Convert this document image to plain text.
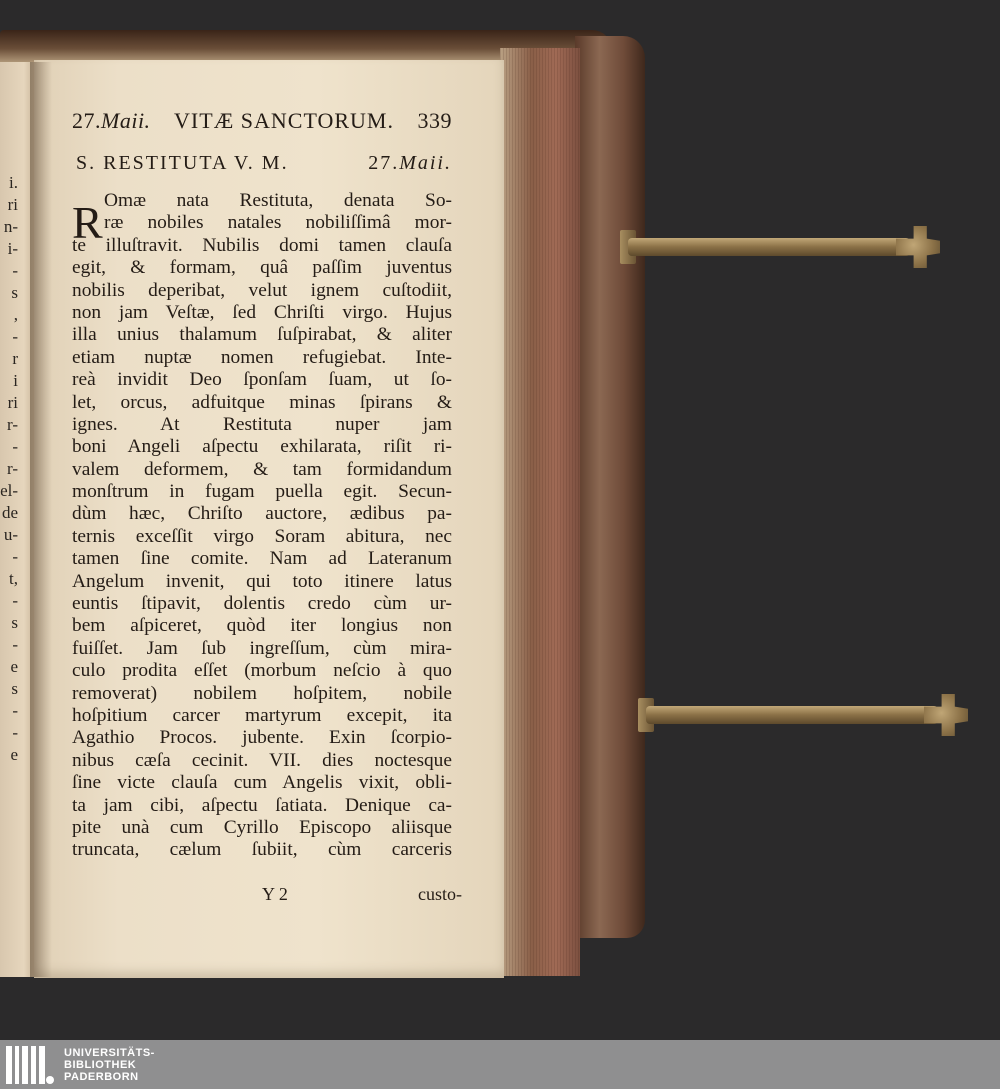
i.
ri
n-
i-
-
s
,
-
r
i
ri
r-
-
r-
el-
de
u-
-
t,
-
s
-
e
s
-
-
e
27.Maii. VITÆ SANCTORUM. 339
S. RESTITUTA V. M.	27.Maii.
R Omæ nata Restituta, denata So-
ræ nobiles natales nobiliſſimâ mor-
te illuſtravit. Nubilis domi tamen clauſa
egit, & formam, quâ paſſim juventus
nobilis deperibat, velut ignem cuſtodiit,
non jam Veſtæ, ſed Chriſti virgo. Hujus
illa unius thalamum ſuſpirabat, & aliter
etiam nuptæ nomen refugiebat. Inte-
reà invidit Deo ſponſam ſuam, ut ſo-
let, orcus, adfuitque minas ſpirans &
ignes. At Restituta nuper jam
boni Angeli aſpectu exhilarata, riſit ri-
valem deformem, & tam formidandum
monſtrum in fugam puella egit. Secun-
dùm hæc, Chriſto auctore, ædibus pa-
ternis exceſſit virgo Soram abitura, nec
tamen ſine comite. Nam ad Lateranum
Angelum invenit, qui toto itinere latus
euntis ſtipavit, dolentis credo cùm ur-
bem aſpiceret, quòd iter longius non
fuiſſet. Jam ſub ingreſſum, cùm mira-
culo prodita eſſet (morbum neſcio à quo
removerat) nobilem hoſpitem, nobile
hoſpitium carcer martyrum excepit, ita
Agathio Procos. jubente. Exin ſcorpio-
nibus cæſa cecinit. VII. dies noctesque
ſine victe clauſa cum Angelis vixit, obli-
ta jam cibi, aſpectu ſatiata. Denique ca-
pite unà cum Cyrillo Episcopo aliisque
truncata, cælum ſubiit, cùm carceris
Y 2	custo-
UNIVERSITÄTS-
BIBLIOTHEK
PADERBORN
